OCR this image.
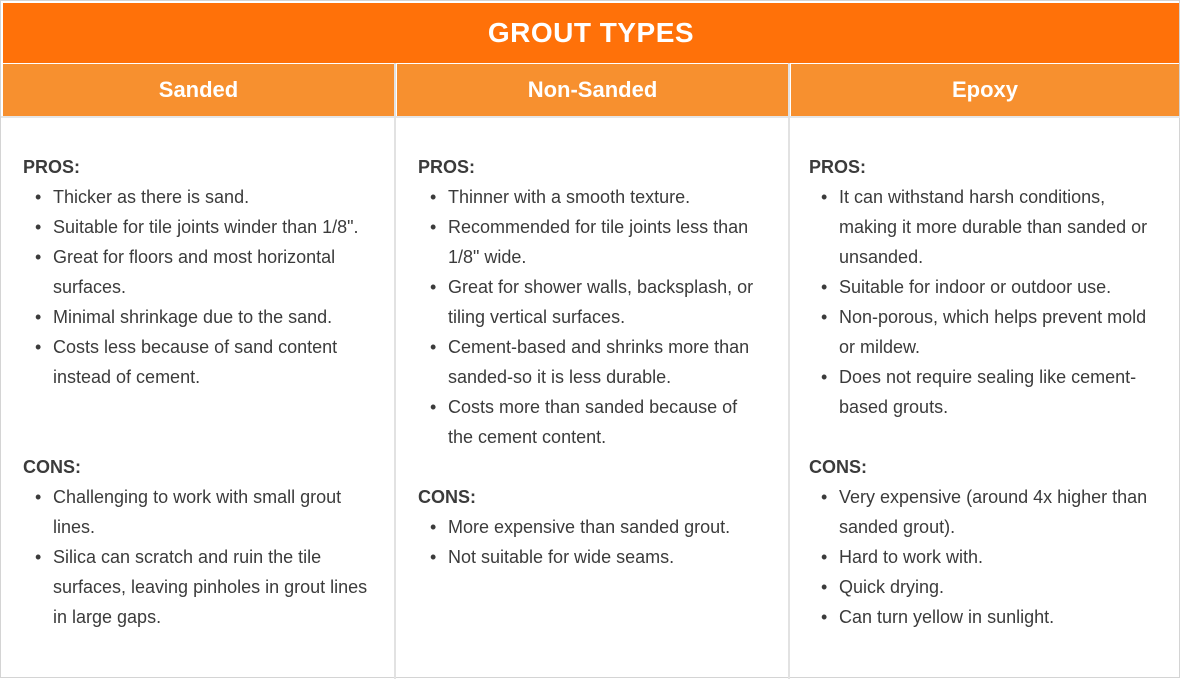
GROUT TYPES
Sanded	Non-Sanded	Epoxy
PROS:
• Thicker as there is sand.
• Suitable for tile joints winder than 1/8".
• Great for floors and most horizontal surfaces.
• Minimal shrinkage due to the sand.
• Costs less because of sand content instead of cement.
CONS:
• Challenging to work with small grout lines.
• Silica can scratch and ruin the tile surfaces, leaving pinholes in grout lines in large gaps.
PROS:
• Thinner with a smooth texture.
• Recommended for tile joints less than 1/8" wide.
• Great for shower walls, backsplash, or tiling vertical surfaces.
• Cement-based and shrinks more than sanded-so it is less durable.
• Costs more than sanded because of the cement content.
CONS:
• More expensive than sanded grout.
• Not suitable for wide seams.
PROS:
• It can withstand harsh conditions, making it more durable than sanded or unsanded.
• Suitable for indoor or outdoor use.
• Non-porous, which helps prevent mold or mildew.
• Does not require sealing like cement-based grouts.
CONS:
• Very expensive (around 4x higher than sanded grout).
• Hard to work with.
• Quick drying.
• Can turn yellow in sunlight.
